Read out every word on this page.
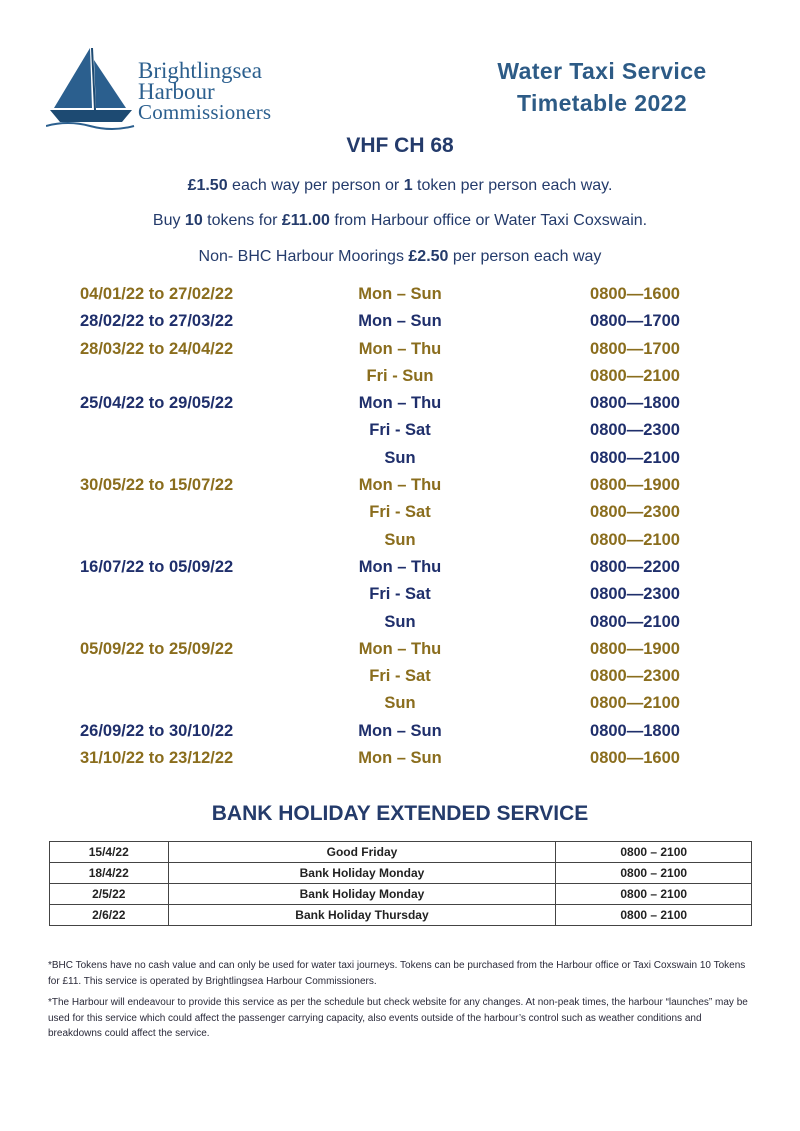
Brightlingsea
Harbour
Commissioners
Water Taxi Service
Timetable 2022
VHF CH 68
£1.50 each way per person or 1 token per person each way.
Buy 10 tokens for £11.00 from Harbour office or Water Taxi Coxswain.
Non- BHC Harbour Moorings £2.50 per person each way
04/01/22 to 27/02/22	Mon – Sun	0800—1600
28/02/22 to 27/03/22	Mon – Sun	0800—1700
28/03/22 to 24/04/22	Mon – Thu	0800—1700
Fri - Sun	0800—2100
25/04/22 to 29/05/22	Mon – Thu	0800—1800
Fri - Sat	0800—2300
Sun	0800—2100
30/05/22 to 15/07/22	Mon – Thu	0800—1900
Fri - Sat	0800—2300
Sun	0800—2100
16/07/22 to 05/09/22	Mon – Thu	0800—2200
Fri - Sat	0800—2300
Sun	0800—2100
05/09/22 to 25/09/22	Mon – Thu	0800—1900
Fri - Sat	0800—2300
Sun	0800—2100
26/09/22 to 30/10/22	Mon – Sun	0800—1800
31/10/22 to 23/12/22	Mon – Sun	0800—1600
BANK HOLIDAY EXTENDED SERVICE
15/4/22	Good Friday	0800 – 2100
18/4/22	Bank Holiday Monday	0800 – 2100
2/5/22	Bank Holiday Monday	0800 – 2100
2/6/22	Bank Holiday Thursday	0800 – 2100
*BHC Tokens have no cash value and can only be used for water taxi journeys. Tokens can be purchased from the Harbour office or Taxi Coxswain 10 Tokens for £11. This service is operated by Brightlingsea Harbour Commissioners.
*The Harbour will endeavour to provide this service as per the schedule but check website for any changes. At non-peak times, the harbour “launches” may be used for this service which could affect the passenger carrying capacity, also events outside of the harbour’s control such as weather conditions and breakdowns could affect the service.
